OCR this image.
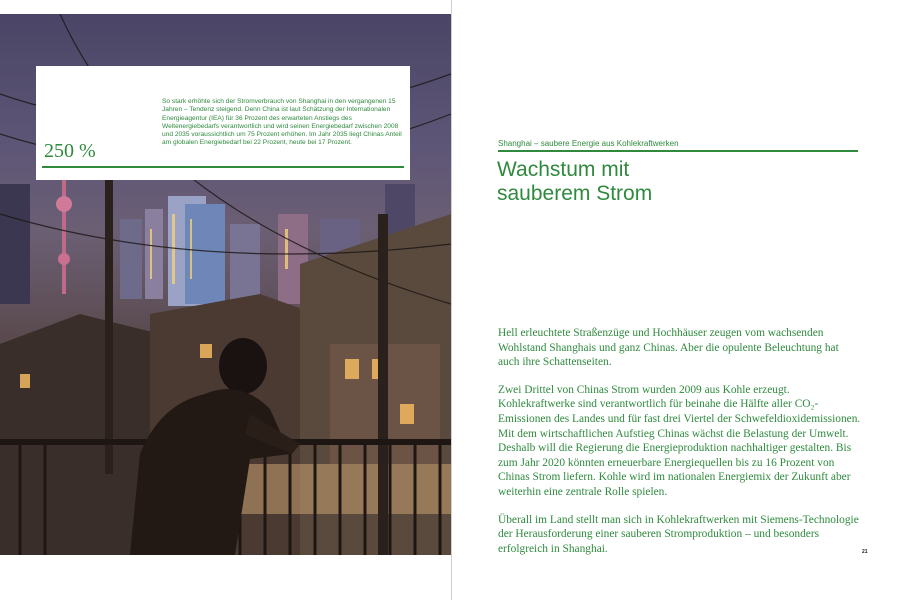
250 %
So stark erhöhte sich der Stromverbrauch von Shanghai in den vergangenen 15 Jahren – Tendenz steigend. Denn China ist laut Schätzung der Internationalen Energieagentur (IEA) für 36 Prozent des erwarteten Anstiegs des Weltenergiebedarfs verantwortlich und wird seinen Energiebedarf zwischen 2008 und 2035 voraussichtlich um 75 Prozent erhöhen. Im Jahr 2035 liegt Chinas Anteil am globalen Energiebedarf bei 22 Prozent, heute bei 17 Prozent.	Shanghai – saubere Energie aus Kohlekraftwerken
Wachstum mit
sauberem Strom

Hell erleuchtete Straßenzüge und Hochhäuser zeugen vom wachsenden Wohlstand Shanghais und ganz Chinas. Aber die opulente Beleuchtung hat auch ihre Schattenseiten.

Zwei Drittel von Chinas Strom wurden 2009 aus Kohle erzeugt. Kohlekraftwerke sind verantwortlich für beinahe die Hälfte aller CO₂-Emissionen des Landes und für fast drei Viertel der Schwefeldioxidemissionen. Mit dem wirtschaftlichen Aufstieg Chinas wächst die Belastung der Umwelt. Deshalb will die Regierung die Energieproduktion nachhaltiger gestalten. Bis zum Jahr 2020 könnten erneuerbare Energiequellen bis zu 16 Prozent von Chinas Strom liefern. Kohle wird im nationalen Energiemix der Zukunft aber weiterhin eine zentrale Rolle spielen.

Überall im Land stellt man sich in Kohlekraftwerken mit Siemens-Technologie der Herausforderung einer sauberen Stromproduktion – und besonders erfolgreich in Shanghai.	21
